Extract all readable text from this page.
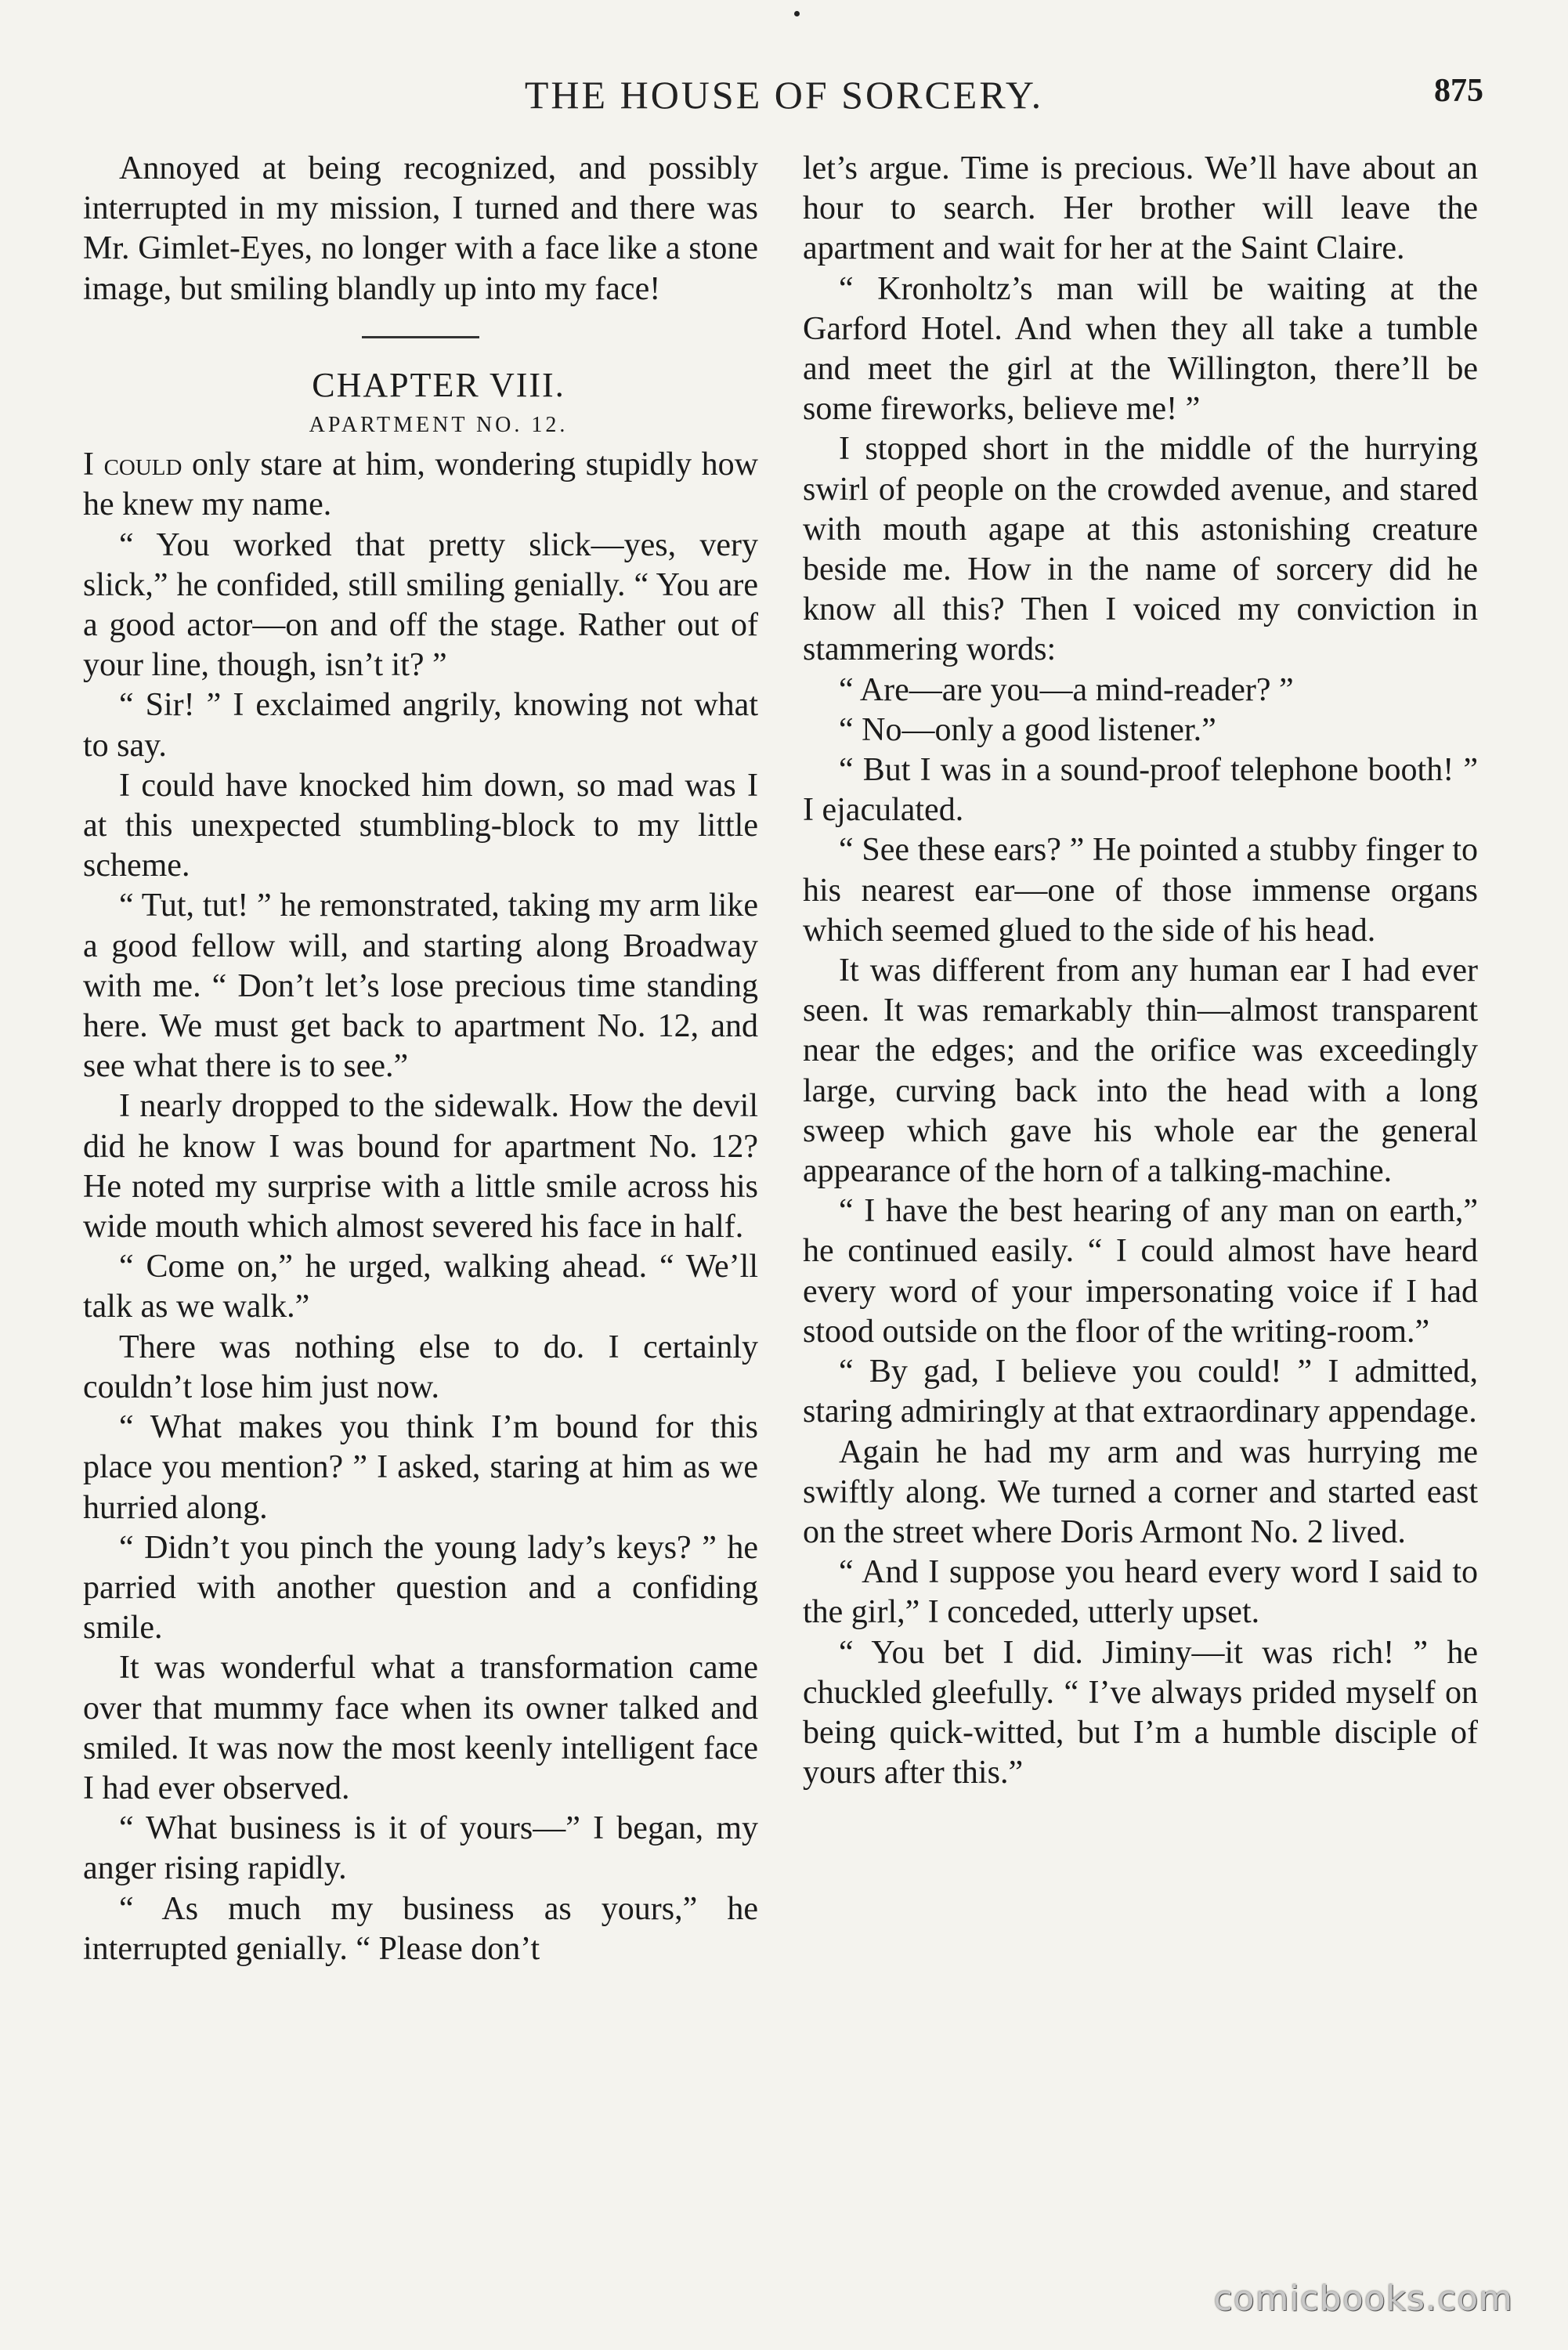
THE HOUSE OF SORCERY.	875

Annoyed at being recognized, and possibly interrupted in my mission, I turned and there was Mr. Gimlet-Eyes, no longer with a face like a stone image, but smiling blandly up into my face!

CHAPTER VIII.

APARTMENT NO. 12.

I could only stare at him, wondering stupidly how he knew my name.

“ You worked that pretty slick—yes, very slick,” he confided, still smiling genially. “ You are a good actor—on and off the stage. Rather out of your line, though, isn’t it? ”

“ Sir! ” I exclaimed angrily, knowing not what to say.

I could have knocked him down, so mad was I at this unexpected stumbling-block to my little scheme.

“ Tut, tut! ” he remonstrated, taking my arm like a good fellow will, and starting along Broadway with me. “ Don’t let’s lose precious time standing here. We must get back to apartment No. 12, and see what there is to see.”

I nearly dropped to the sidewalk. How the devil did he know I was bound for apartment No. 12? He noted my surprise with a little smile across his wide mouth which almost severed his face in half.

“ Come on,” he urged, walking ahead. “ We’ll talk as we walk.”

There was nothing else to do. I certainly couldn’t lose him just now.

“ What makes you think I’m bound for this place you mention? ” I asked, staring at him as we hurried along.

“ Didn’t you pinch the young lady’s keys? ” he parried with another question and a confiding smile.

It was wonderful what a transformation came over that mummy face when its owner talked and smiled. It was now the most keenly intelligent face I had ever observed.

“ What business is it of yours—” I began, my anger rising rapidly.

“ As much my business as yours,” he interrupted genially. “ Please don’t

let’s argue. Time is precious. We’ll have about an hour to search. Her brother will leave the apartment and wait for her at the Saint Claire.

“ Kronholtz’s man will be waiting at the Garford Hotel. And when they all take a tumble and meet the girl at the Willington, there’ll be some fireworks, believe me! ”

I stopped short in the middle of the hurrying swirl of people on the crowded avenue, and stared with mouth agape at this astonishing creature beside me. How in the name of sorcery did he know all this? Then I voiced my conviction in stammering words:

“ Are—are you—a mind-reader? ”

“ No—only a good listener.”

“ But I was in a sound-proof telephone booth! ” I ejaculated.

“ See these ears? ” He pointed a stubby finger to his nearest ear—one of those immense organs which seemed glued to the side of his head.

It was different from any human ear I had ever seen. It was remarkably thin—almost transparent near the edges; and the orifice was exceedingly large, curving back into the head with a long sweep which gave his whole ear the general appearance of the horn of a talking-machine.

“ I have the best hearing of any man on earth,” he continued easily. “ I could almost have heard every word of your impersonating voice if I had stood outside on the floor of the writing-room.”

“ By gad, I believe you could! ” I admitted, staring admiringly at that extraordinary appendage.

Again he had my arm and was hurrying me swiftly along. We turned a corner and started east on the street where Doris Armont No. 2 lived.

“ And I suppose you heard every word I said to the girl,” I conceded, utterly upset.

“ You bet I did. Jiminy—it was rich! ” he chuckled gleefully. “ I’ve always prided myself on being quick-witted, but I’m a humble disciple of yours after this.”

comicbooks.com
